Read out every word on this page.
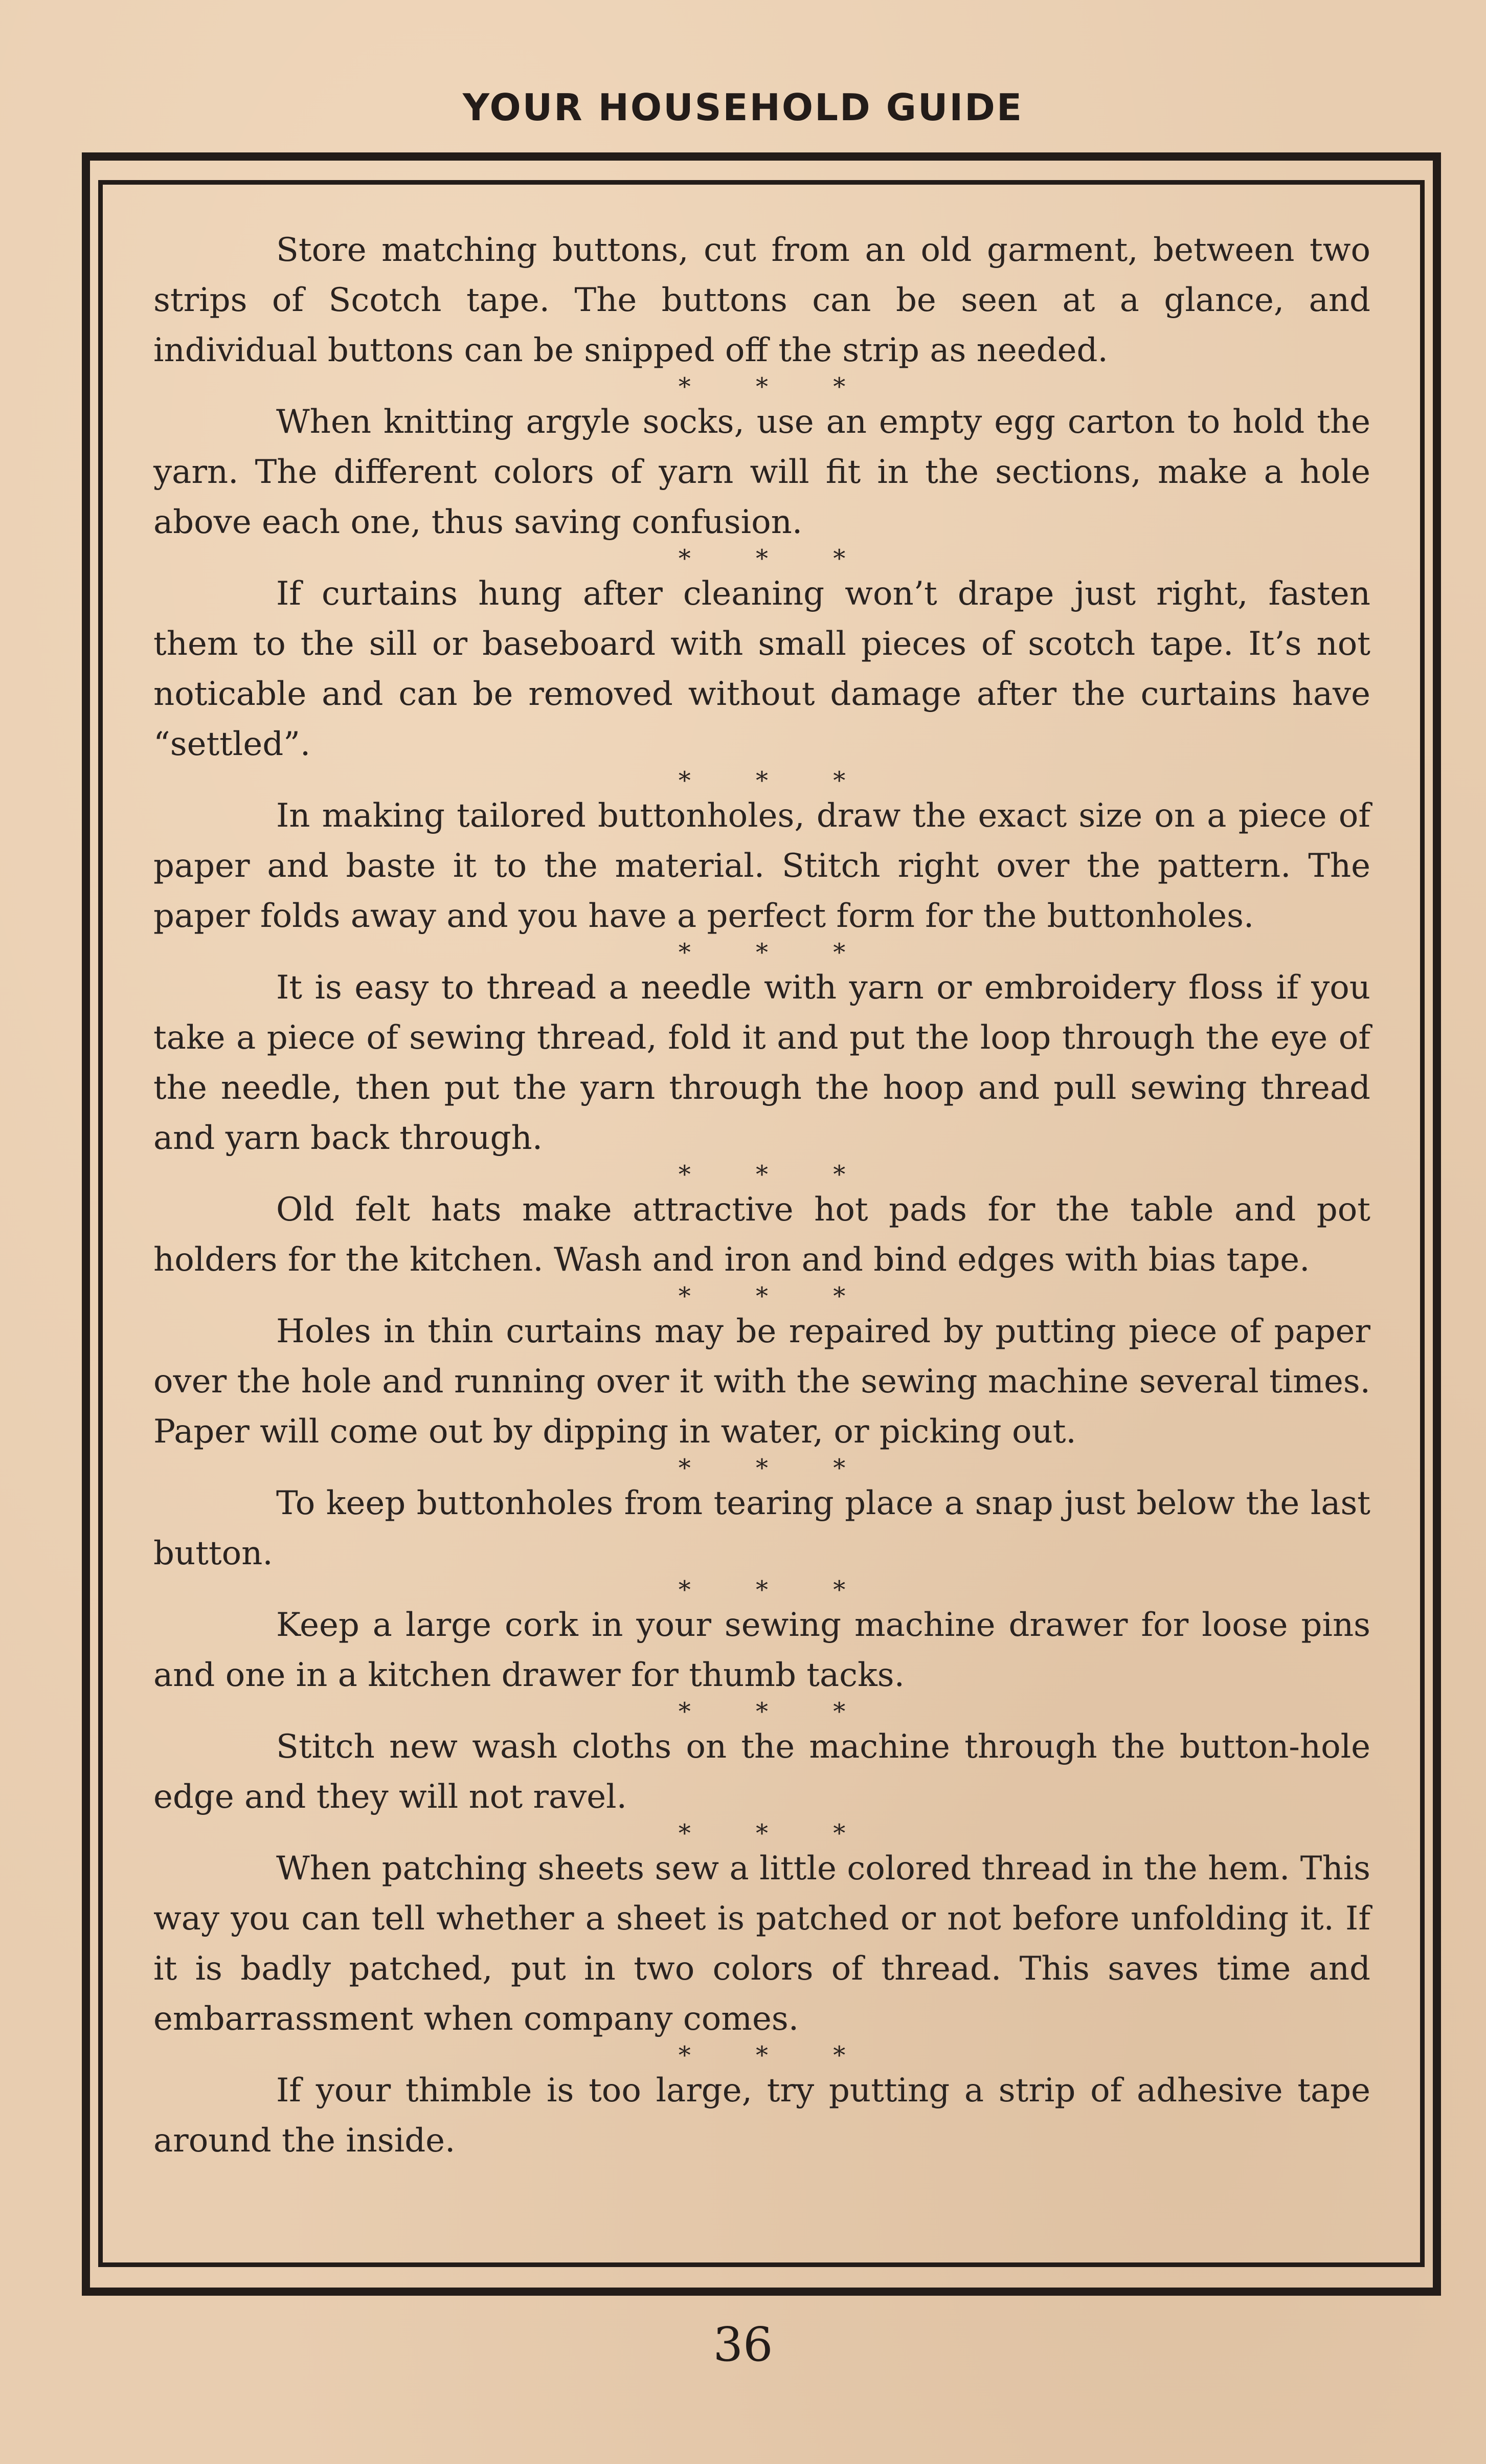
YOUR HOUSEHOLD GUIDE

Store matching buttons, cut from an old garment, between two strips of Scotch tape. The buttons can be seen at a glance, and individual buttons can be snipped off the strip as needed.

* * *

When knitting argyle socks, use an empty egg carton to hold the yarn. The different colors of yarn will fit in the sections, make a hole above each one, thus saving confusion.

* * *

If curtains hung after cleaning won’t drape just right, fasten them to the sill or baseboard with small pieces of scotch tape. It’s not noticable and can be removed without damage after the curtains have “settled”.

* * *

In making tailored buttonholes, draw the exact size on a piece of paper and baste it to the material. Stitch right over the pattern. The paper folds away and you have a perfect form for the buttonholes.

* * *

It is easy to thread a needle with yarn or embroidery floss if you take a piece of sewing thread, fold it and put the loop through the eye of the needle, then put the yarn through the hoop and pull sewing thread and yarn back through.

* * *

Old felt hats make attractive hot pads for the table and pot holders for the kitchen. Wash and iron and bind edges with bias tape.

* * *

Holes in thin curtains may be repaired by putting piece of paper over the hole and running over it with the sewing machine several times. Paper will come out by dipping in water, or picking out.

* * *

To keep buttonholes from tearing place a snap just below the last button.

* * *

Keep a large cork in your sewing machine drawer for loose pins and one in a kitchen drawer for thumb tacks.

* * *

Stitch new wash cloths on the machine through the button-hole edge and they will not ravel.

* * *

When patching sheets sew a little colored thread in the hem. This way you can tell whether a sheet is patched or not before unfolding it. If it is badly patched, put in two colors of thread. This saves time and embarrassment when company comes.

* * *

If your thimble is too large, try putting a strip of adhesive tape around the inside.

36
